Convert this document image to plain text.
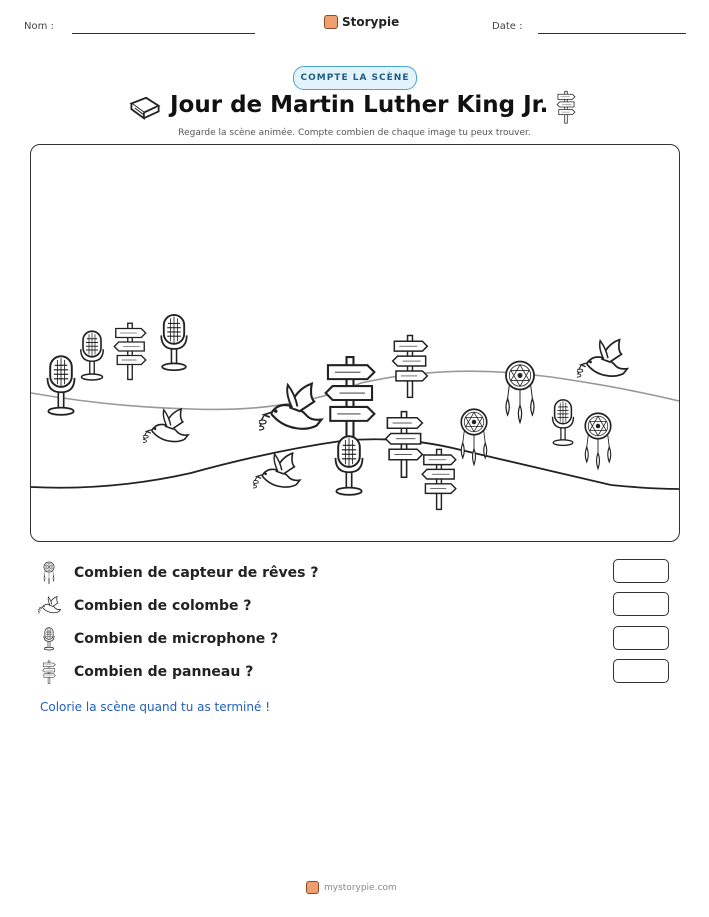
Nom :	Storypie	Date :
COMPTE LA SCÈNE
Jour de Martin Luther King Jr.
Regarde la scène animée. Compte combien de chaque image tu peux trouver.
Combien de capteur de rêves ?
Combien de colombe ?
Combien de microphone ?
Combien de panneau ?
Colorie la scène quand tu as terminé !
mystorypie.com
